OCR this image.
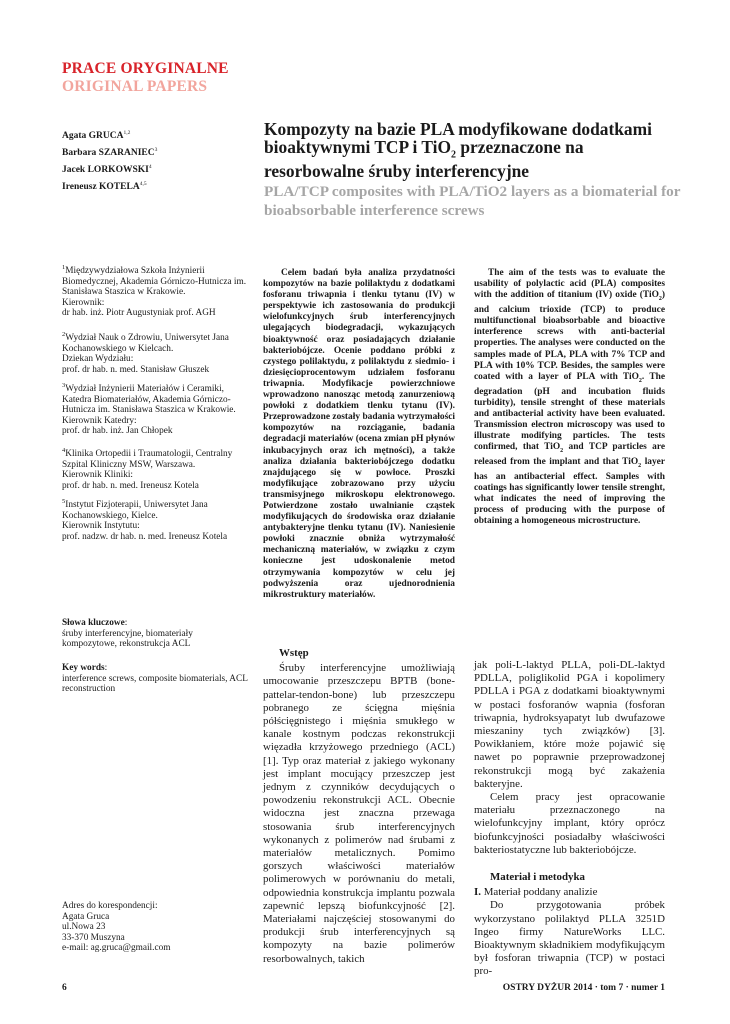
PRACE ORYGINALNE
ORIGINAL PAPERS
Agata GRUCA$^{1,2}$
Barbara SZARANIEC$^3$
Jacek LORKOWSKI$^4$
Ireneusz KOTELA$^{4,5}$
Kompozyty na bazie PLA modyfikowane dodatkami bioaktywnymi TCP i TiO$_2$ przeznaczone na resorbowalne śruby interferencyjne
PLA/TCP composites with PLA/TiO2 layers as a biomaterial for bioabsorbable interference screws
$^1$Międzywydziałowa Szkoła Inżynierii Biomedycznej, Akademia Górniczo-Hutnicza im. Stanisława Staszica w Krakowie.
Kierownik:
dr hab. inż. Piotr Augustyniak prof. AGH
$^2$Wydział Nauk o Zdrowiu, Uniwersytet Jana Kochanowskiego w Kielcach.
Dziekan Wydziału:
prof. dr hab. n. med. Stanisław Głuszek
$^3$Wydział Inżynierii Materiałów i Ceramiki, Katedra Biomateriałów, Akademia Górniczo-Hutnicza im. Stanisława Staszica w Krakowie.
Kierownik Katedry:
prof. dr hab. inż. Jan Chłopek
$^4$Klinika Ortopedii i Traumatologii, Centralny Szpital Kliniczny MSW, Warszawa.
Kierownik Kliniki:
prof. dr hab. n. med. Ireneusz Kotela
$^5$Instytut Fizjoterapii, Uniwersytet Jana Kochanowskiego, Kielce.
Kierownik Instytutu:
prof. nadzw. dr hab. n. med. Ireneusz Kotela
Słowa kluczowe:
śruby interferencyjne, biomateriały kompozytowe, rekonstrukcja ACL
Key words:
interference screws, composite biomaterials, ACL reconstruction
Adres do korespondencji:
Agata Gruca
ul.Nowa 23
33-370 Muszyna
e-mail: ag.gruca@gmail.com

Celem badań była analiza przydatności kompozytów na bazie polilaktydu z dodatkami fosforanu triwapnia i tlenku tytanu (IV) w perspektywie ich zastosowania do produkcji wielofunkcyjnych śrub interferencyjnych ulegających biodegradacji, wykazujących bioaktywność oraz posiadających działanie bakteriobójcze. Ocenie poddano próbki z czystego polilaktydu, z polilaktydu z siedmio- i dziesięcioprocentowym udziałem fosforanu triwapnia. Modyfikacje powierzchniowe wprowadzono nanosząc metodą zanurzeniową powłoki z dodatkiem tlenku tytanu (IV). Przeprowadzone zostały badania wytrzymałości kompozytów na rozciąganie, badania degradacji materiałów (ocena zmian pH płynów inkubacyjnych oraz ich mętności), a także analiza działania bakteriobójczego dodatku znajdującego się w powłoce. Proszki modyfikujące zobrazowano przy użyciu transmisyjnego mikroskopu elektronowego. Potwierdzone zostało uwalnianie cząstek modyfikujących do środowiska oraz działanie antybakteryjne tlenku tytanu (IV). Naniesienie powłoki znacznie obniża wytrzymałość mechaniczną materiałów, w związku z czym konieczne jest udoskonalenie metod otrzymywania kompozytów w celu jej podwyższenia oraz ujednorodnienia mikrostruktury materiałów.

The aim of the tests was to evaluate the usability of polylactic acid (PLA) composites with the addition of titanium (IV) oxide (TiO$_2$) and calcium trioxide (TCP) to produce multifunctional bioabsorbable and bioactive interference screws with anti-bacterial properties. The analyses were conducted on the samples made of PLA, PLA with 7% TCP and PLA with 10% TCP. Besides, the samples were coated with a layer of PLA with TiO$_2$. The degradation (pH and incubation fluids turbidity), tensile strenght of these materials and antibacterial activity have been evaluated. Transmission electron microscopy was used to illustrate modifying particles. The tests confirmed, that TiO$_2$ and TCP particles are released from the implant and that TiO$_2$ layer has an antibacterial effect. Samples with coatings has significantly lower tensile strenght, what indicates the need of improving the process of producing with the purpose of obtaining a homogeneous microstructure.

Wstęp

Śruby interferencyjne umożliwiają umocowanie przeszczepu BPTB (bone-pattelar-tendon-bone) lub przeszczepu pobranego ze ścięgna mięśnia półścięgnistego i mięśnia smukłego w kanale kostnym podczas rekonstrukcji więzadła krzyżowego przedniego (ACL) [1]. Typ oraz materiał z jakiego wykonany jest implant mocujący przeszczep jest jednym z czynników decydujących o powodzeniu rekonstrukcji ACL. Obecnie widoczna jest znaczna przewaga stosowania śrub interferencyjnych wykonanych z polimerów nad śrubami z materiałów metalicznych. Pomimo gorszych właściwości materiałów polimerowych w porównaniu do metali, odpowiednia konstrukcja implantu pozwala zapewnić lepszą biofunkcyjność [2]. Materiałami najczęściej stosowanymi do produkcji śrub interferencyjnych są kompozyty na bazie polimerów resorbowalnych, takich

jak poli-L-laktyd PLLA, poli-DL-laktyd PDLLA, poliglikolid PGA i kopolimery PDLLA i PGA z dodatkami bioaktywnymi w postaci fosforanów wapnia (fosforan triwapnia, hydroksyapatyt lub dwufazowe mieszaniny tych związków) [3]. Powikłaniem, które może pojawić się nawet po poprawnie przeprowadzonej rekonstrukcji mogą być zakażenia bakteryjne.

Celem pracy jest opracowanie materiału przeznaczonego na wielofunkcyjny implant, który oprócz biofunkcyjności posiadałby właściwości bakteriostatyczne lub bakteriobójcze.

Materiał i metodyka

I. Materiał poddany analizie

Do przygotowania próbek wykorzystano polilaktyd PLLA 3251D Ingeo firmy NatureWorks LLC. Bioaktywnym składnikiem modyfikującym był fosforan triwapnia (TCP) w postaci pro-

6	OSTRY DYŻUR 2014 · tom 7 · numer 1
